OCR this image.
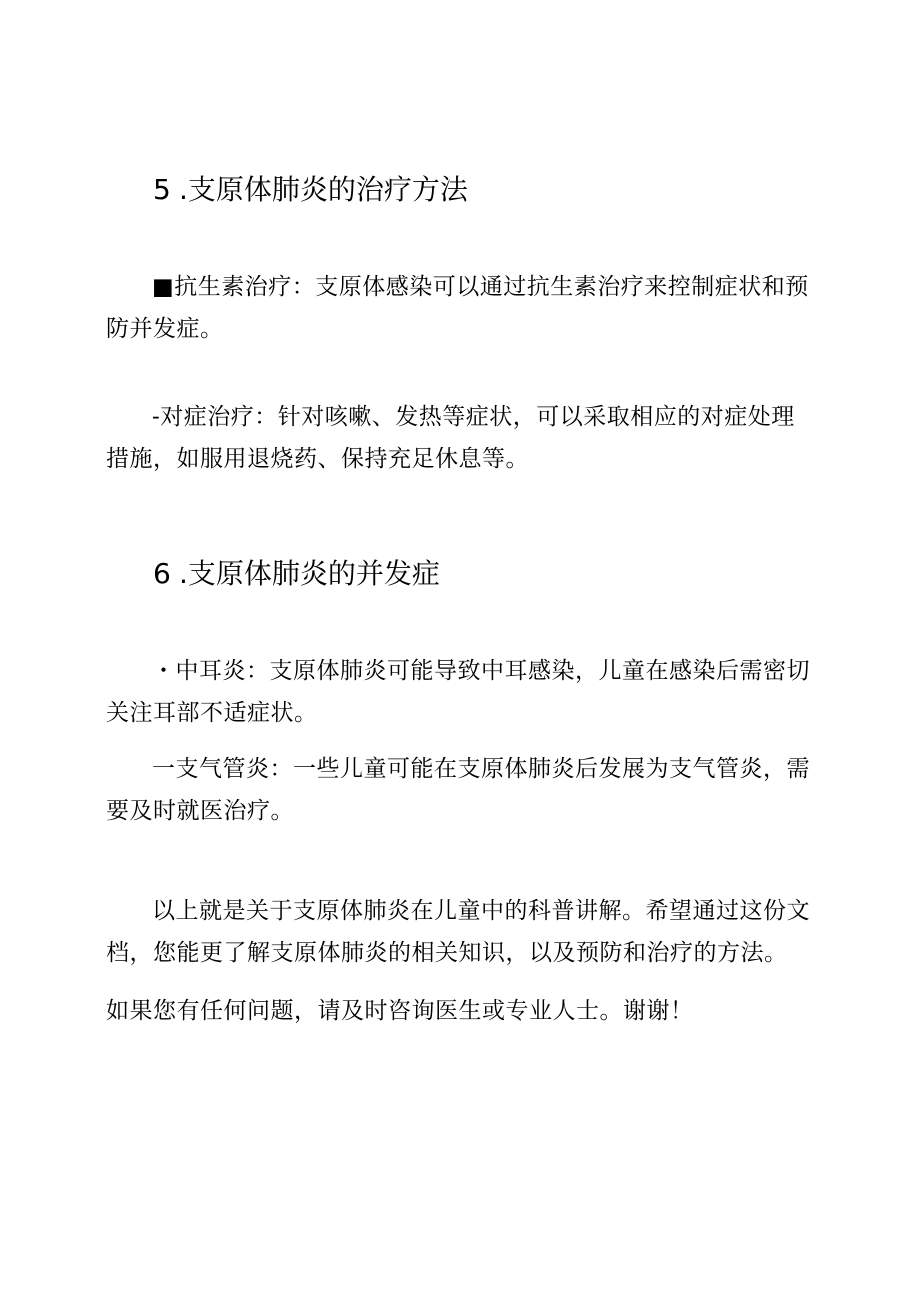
5 .支原体肺炎的治疗方法

■抗生素治疗：支原体感染可以通过抗生素治疗来控制症状和预防并发症。

-对症治疗：针对咳嗽、发热等症状，可以采取相应的对症处理措施，如服用退烧药、保持充足休息等。

6 .支原体肺炎的并发症

・中耳炎：支原体肺炎可能导致中耳感染，儿童在感染后需密切关注耳部不适症状。

一支气管炎：一些儿童可能在支原体肺炎后发展为支气管炎，需要及时就医治疗。

以上就是关于支原体肺炎在儿童中的科普讲解。希望通过这份文档，您能更了解支原体肺炎的相关知识，以及预防和治疗的方法。

如果您有任何问题，请及时咨询医生或专业人士。谢谢！
